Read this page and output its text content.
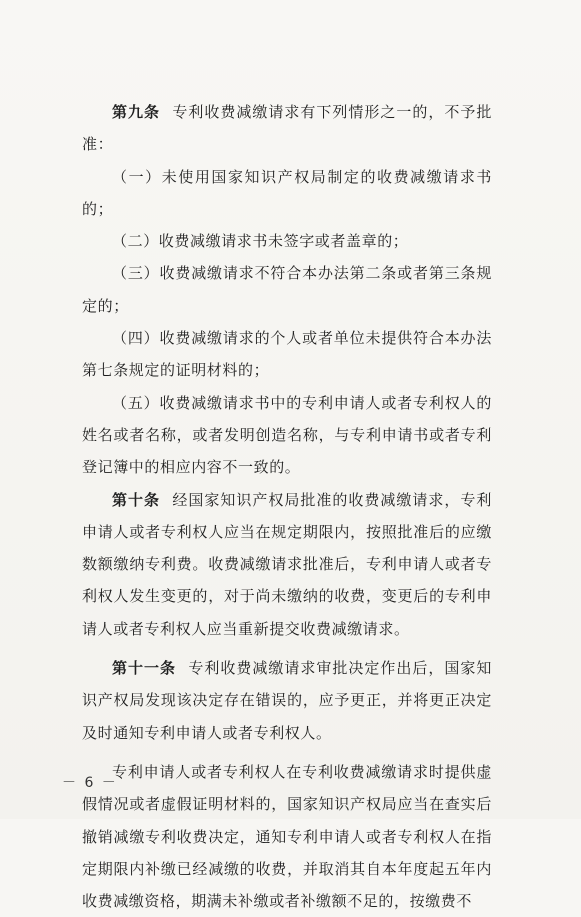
第九条 专利收费减缴请求有下列情形之一的，不予批准：

（一）未使用国家知识产权局制定的收费减缴请求书的；

（二）收费减缴请求书未签字或者盖章的；

（三）收费减缴请求不符合本办法第二条或者第三条规定的；

（四）收费减缴请求的个人或者单位未提供符合本办法第七条规定的证明材料的；

（五）收费减缴请求书中的专利申请人或者专利权人的姓名或者名称，或者发明创造名称，与专利申请书或者专利登记簿中的相应内容不一致的。

第十条 经国家知识产权局批准的收费减缴请求，专利申请人或者专利权人应当在规定期限内，按照批准后的应缴数额缴纳专利费。收费减缴请求批准后，专利申请人或者专利权人发生变更的，对于尚未缴纳的收费，变更后的专利申请人或者专利权人应当重新提交收费减缴请求。

第十一条 专利收费减缴请求审批决定作出后，国家知识产权局发现该决定存在错误的，应予更正，并将更正决定及时通知专利申请人或者专利权人。

专利申请人或者专利权人在专利收费减缴请求时提供虚假情况或者虚假证明材料的，国家知识产权局应当在查实后撤销减缴专利收费决定，通知专利申请人或者专利权人在指定期限内补缴已经减缴的收费，并取消其自本年度起五年内收费减缴资格，期满未补缴或者补缴额不足的，按缴费不

－ 6 －
